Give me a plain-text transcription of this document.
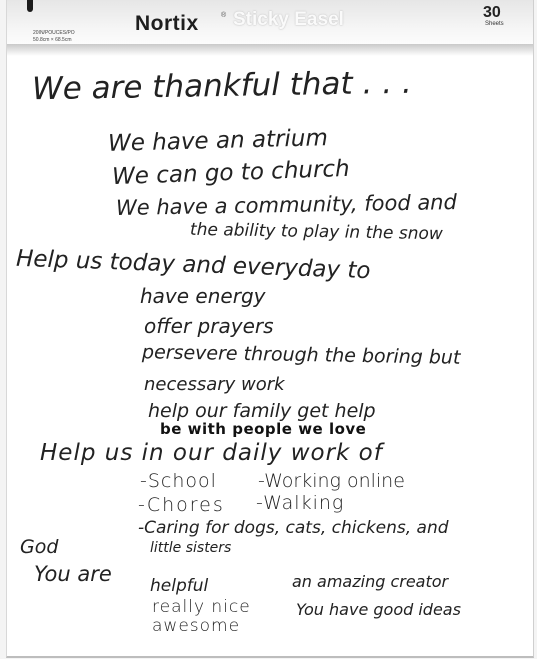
20IN/POUCES/PO
50.8cm × 68.5cm
Nortix	® Sticky Easel	30
Sheets
We are thankful that . . .
We have an atrium
We can go to church
We have a community, food and
the ability to play in the snow
Help us today and everyday to
have energy
offer prayers
persevere through the boring but
necessary work
help our family get help
be with people we love
Help us in our daily work of
-School -Working online
-Chores -Walking
-Caring for dogs, cats, chickens, and
little sisters
God
You are helpful
really nice
awesome
an amazing creator
You have good ideas
